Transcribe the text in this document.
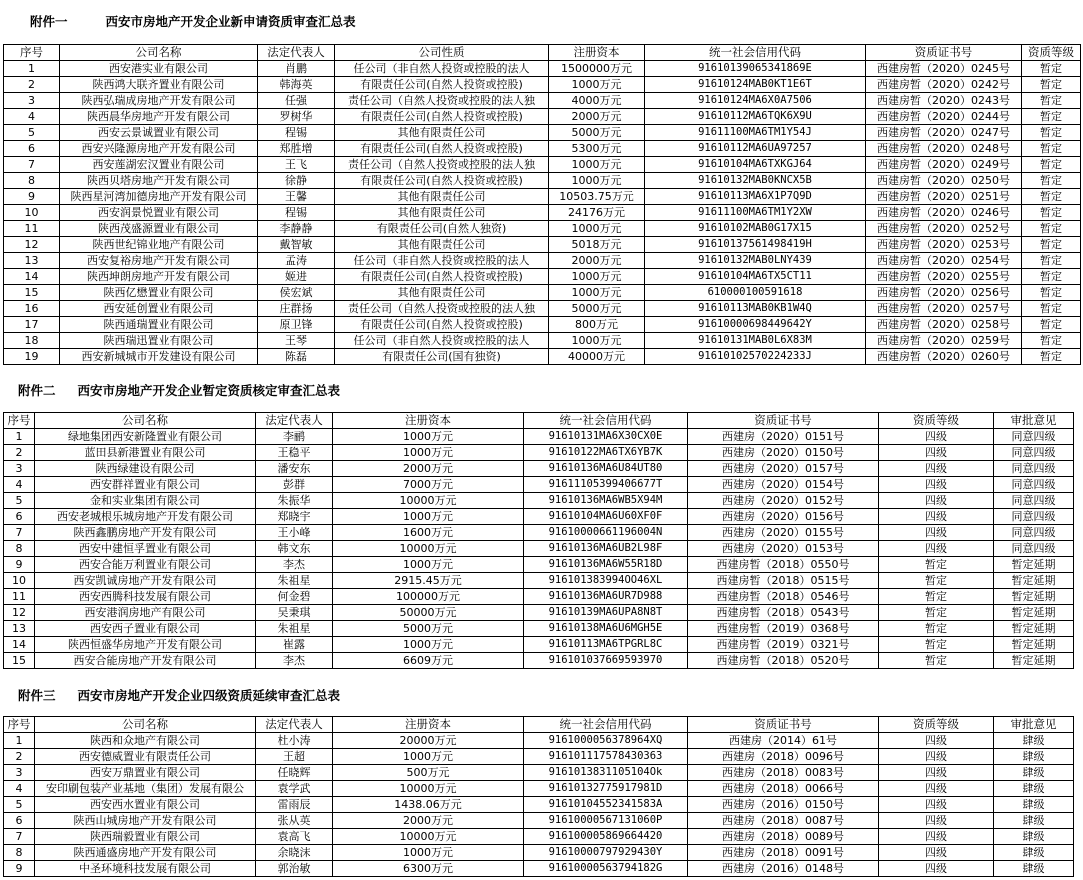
附件一	西安市房地产开发企业新申请资质审查汇总表
序号	公司名称	法定代表人	公司性质	注册资本	统一社会信用代码	资质证书号	资质等级
1	西安港实业有限公司	肖鹏	任公司（非自然人投资或控股的法人	1500000万元	91610139065341869E	西建房暂（2020）0245号	暂定
2	陕西鸿大联齐置业有限公司	韩海英	有限责任公司(自然人投资或控股)	1000万元	91610124MAB0KT1E6T	西建房暂（2020）0242号	暂定
3	陕西弘瑞成房地产开发有限公司	任强	责任公司（自然人投资或控股的法人独	4000万元	91610124MA6X0A7506	西建房暂（2020）0243号	暂定
4	陕西晨华房地产开发有限公司	罗树华	有限责任公司(自然人投资或控股)	2000万元	91610112MA6TQK6X9U	西建房暂（2020）0244号	暂定
5	西安云景诚置业有限公司	程锡	其他有限责任公司	5000万元	91611100MA6TM1Y54J	西建房暂（2020）0247号	暂定
6	西安兴隆源房地产开发有限公司	郑胜增	有限责任公司(自然人投资或控股)	5300万元	91610112MA6UA97257	西建房暂（2020）0248号	暂定
7	西安莲湖宏汉置业有限公司	王飞	责任公司（自然人投资或控股的法人独	1000万元	91610104MA6TXKGJ64	西建房暂（2020）0249号	暂定
8	陕西贝塔房地产开发有限公司	徐静	有限责任公司(自然人投资或控股)	1000万元	91610132MAB0KNCX5B	西建房暂（2020）0250号	暂定
9	陕西星河湾加德房地产开发有限公司	王馨	其他有限责任公司	10503.75万元	91610113MA6X1P7Q9D	西建房暂（2020）0251号	暂定
10	西安润景悦置业有限公司	程锡	其他有限责任公司	24176万元	91611100MA6TM1Y2XW	西建房暂（2020）0246号	暂定
11	陕西茂盛源置业有限公司	李静静	有限责任公司(自然人独资)	1000万元	91610102MAB0G17X15	西建房暂（2020）0252号	暂定
12	陕西世纪锦业地产有限公司	戴智敏	其他有限责任公司	5018万元	91610137561498419H	西建房暂（2020）0253号	暂定
13	西安复裕房地产开发有限公司	孟涛	任公司（非自然人投资或控股的法人	2000万元	91610132MAB0LNY439	西建房暂（2020）0254号	暂定
14	陕西坤朗房地产开发有限公司	姬进	有限责任公司(自然人投资或控股)	1000万元	91610104MA6TX5CT11	西建房暂（2020）0255号	暂定
15	陕西亿懋置业有限公司	侯宏斌	其他有限责任公司	1000万元	610000100591618	西建房暂（2020）0256号	暂定
16	西安延创置业有限公司	庄群扬	责任公司（自然人投资或控股的法人独	5000万元	91610113MAB0KB1W4Q	西建房暂（2020）0257号	暂定
17	陕西通瑞置业有限公司	原卫锋	有限责任公司(自然人投资或控股)	800万元	91610000698449642Y	西建房暂（2020）0258号	暂定
18	陕西瑞迅置业有限公司	王琴	任公司（非自然人投资或控股的法人	1000万元	91610131MAB0L6X83M	西建房暂（2020）0259号	暂定
19	西安新城城市开发建设有限公司	陈磊	有限责任公司(国有独资)	40000万元	91610102570224233J	西建房暂（2020）0260号	暂定
附件二 西安市房地产开发企业暂定资质核定审查汇总表
序号	公司名称	法定代表人	注册资本	统一社会信用代码	资质证书号	资质等级	审批意见
1	绿地集团西安新隆置业有限公司	李鹂	1000万元	91610131MA6X30CX0E	西建房（2020）0151号	四级	同意四级
2	蓝田县新港置业有限公司	王稳平	1000万元	91610122MA6TX6YB7K	西建房（2020）0150号	四级	同意四级
3	陕西绿建设有限公司	潘安东	2000万元	91610136MA6U84UT80	西建房（2020）0157号	四级	同意四级
4	西安群祥置业有限公司	彭群	7000万元	91611105399406677T	西建房（2020）0154号	四级	同意四级
5	金和实业集团有限公司	朱振华	10000万元	91610136MA6WB5X94M	西建房（2020）0152号	四级	同意四级
6	西安老城根乐城房地产开发有限公司	郑晓宇	1000万元	91610104MA6U60XF0F	西建房（2020）0156号	四级	同意四级
7	陕西鑫鹏房地产开发有限公司	王小峰	1600万元	91610000661196004N	西建房（2020）0155号	四级	同意四级
8	西安中建恒孚置业有限公司	韩文东	10000万元	91610136MA6UB2L98F	西建房（2020）0153号	四级	同意四级
9	西安合能万利置业有限公司	李杰	1000万元	91610136MA6W55R18D	西建房暂（2018）0550号	暂定	暂定延期
10	西安凯诚房地产开发有限公司	朱祖星	2915.45万元	916101383994OO46XL	西建房暂（2018）0515号	暂定	暂定延期
11	西安西腾科技发展有限公司	何金碧	100000万元	91610136MA6UR7D988	西建房暂（2018）0546号	暂定	暂定延期
12	西安港润房地产有限公司	吴秉琪	50000万元	91610139MA6UPA8N8T	西建房暂（2018）0543号	暂定	暂定延期
13	西安西子置业有限公司	朱祖星	5000万元	91610138MA6U6MGH5E	西建房暂（2019）0368号	暂定	暂定延期
14	陕西恒盛华房地产开发有限公司	崔露	1000万元	91610113MA6TPGRL8C	西建房暂（2019）0321号	暂定	暂定延期
15	西安合能房地产开发有限公司	李杰	6609万元	916101037669593970	西建房暂（2018）0520号	暂定	暂定延期
附件三 西安市房地产开发企业四级资质延续审查汇总表
序号	公司名称	法定代表人	注册资本	统一社会信用代码	资质证书号	资质等级	审批意见
1	陕西和众地产有限公司	杜小涛	20000万元	9161000056378964XQ	西建房（2014）61号	四级	肆级
2	西安德威置业有限责任公司	王超	1000万元	916101117578430363	西建房（2018）0096号	四级	肆级
3	西安万鼎置业有限公司	任晓辉	500万元	9161013831105104Ok	西建房（2018）0083号	四级	肆级
4	安印刷包装产业基地（集团）发展有限公	袁学武	10000万元	91610132775917981D	西建房（2018）0066号	四级	肆级
5	西安西水置业有限公司	雷雨辰	1438.06万元	91610104552341583A	西建房（2016）0150号	四级	肆级
6	陕西山城房地产开发有限公司	张从英	2000万元	91610000567131060P	西建房（2018）0087号	四级	肆级
7	陕西瑞毅置业有限公司	袁高飞	10000万元	916100005869664420	西建房（2018）0089号	四级	肆级
8	陕西通盛房地产开发有限公司	余晓沫	1000万元	91610000797929430Y	西建房（2018）0091号	四级	肆级
9	中圣环境科技发展有限公司	郭治敏	6300万元	91610000563794182G	西建房（2016）0148号	四级	肆级
